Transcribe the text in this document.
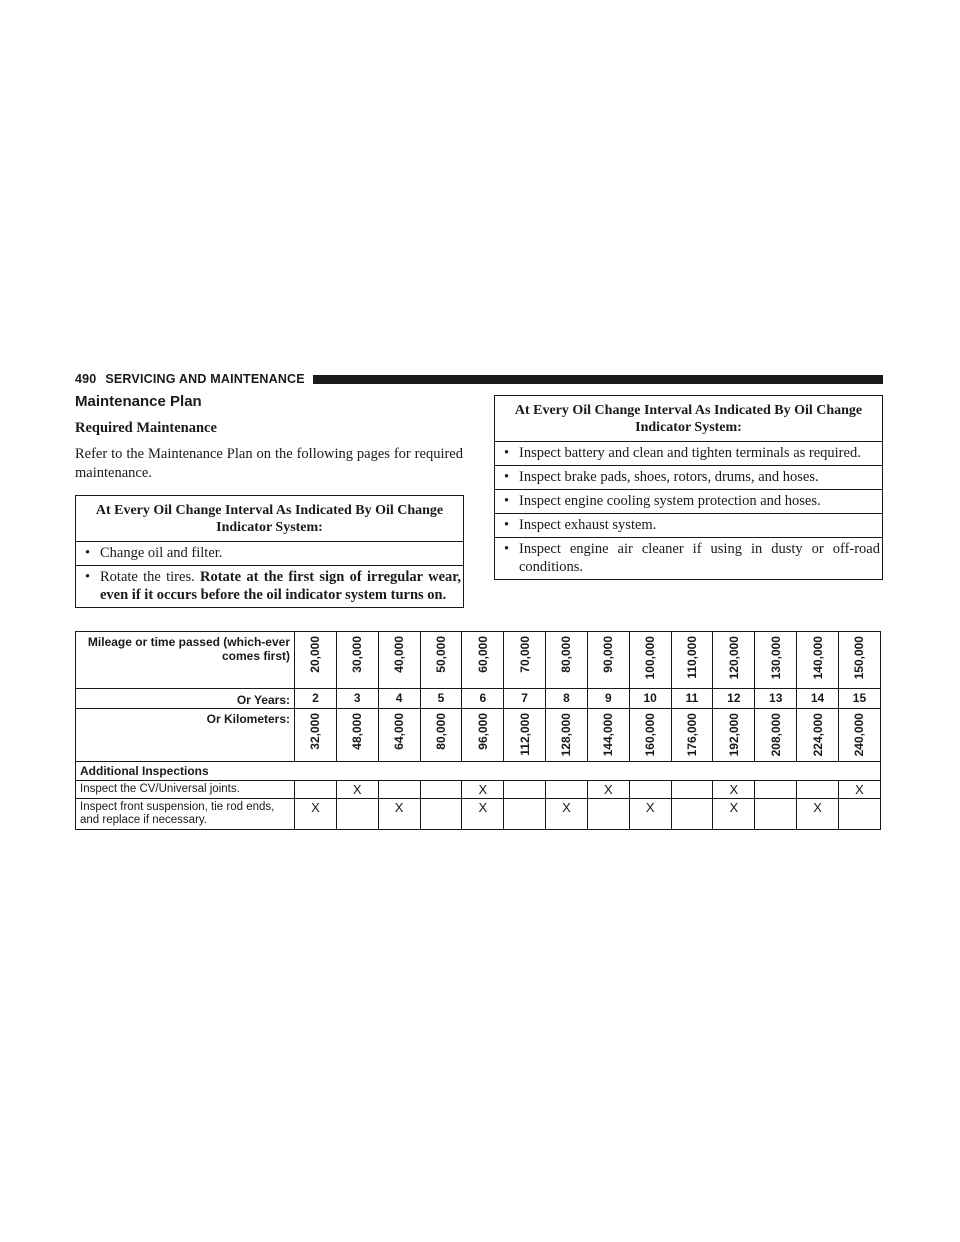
490
SERVICING AND MAINTENANCE
Maintenance Plan
Required Maintenance
Refer to the Maintenance Plan on the following pages for required maintenance.
At Every Oil Change Interval As Indicated By Oil Change Indicator System:
• Change oil and filter.
• Rotate the tires. Rotate at the first sign of irregular wear, even if it occurs before the oil indicator system turns on.
At Every Oil Change Interval As Indicated By Oil Change Indicator System:
• Inspect battery and clean and tighten terminals as required.
• Inspect brake pads, shoes, rotors, drums, and hoses.
• Inspect engine cooling system protection and hoses.
• Inspect exhaust system.
• Inspect engine air cleaner if using in dusty or off-road conditions.
Mileage or time passed (which-ever comes first)	20,000	30,000	40,000	50,000	60,000	70,000	80,000	90,000	100,000	110,000	120,000	130,000	140,000	150,000

Or Years:	2	3	4	5	6	7	8	9	10	11	12	13	14	15
Or Kilometers:	32,000	48,000	64,000	80,000	96,000	112,000	128,000	144,000	160,000	176,000	192,000	208,000	224,000	240,000

Additional Inspections														
Inspect the CV/Universal joints.		X			X			X			X			X
Inspect front suspension, tie rod ends, and replace if necessary.	X		X		X		X		X		X		X	
